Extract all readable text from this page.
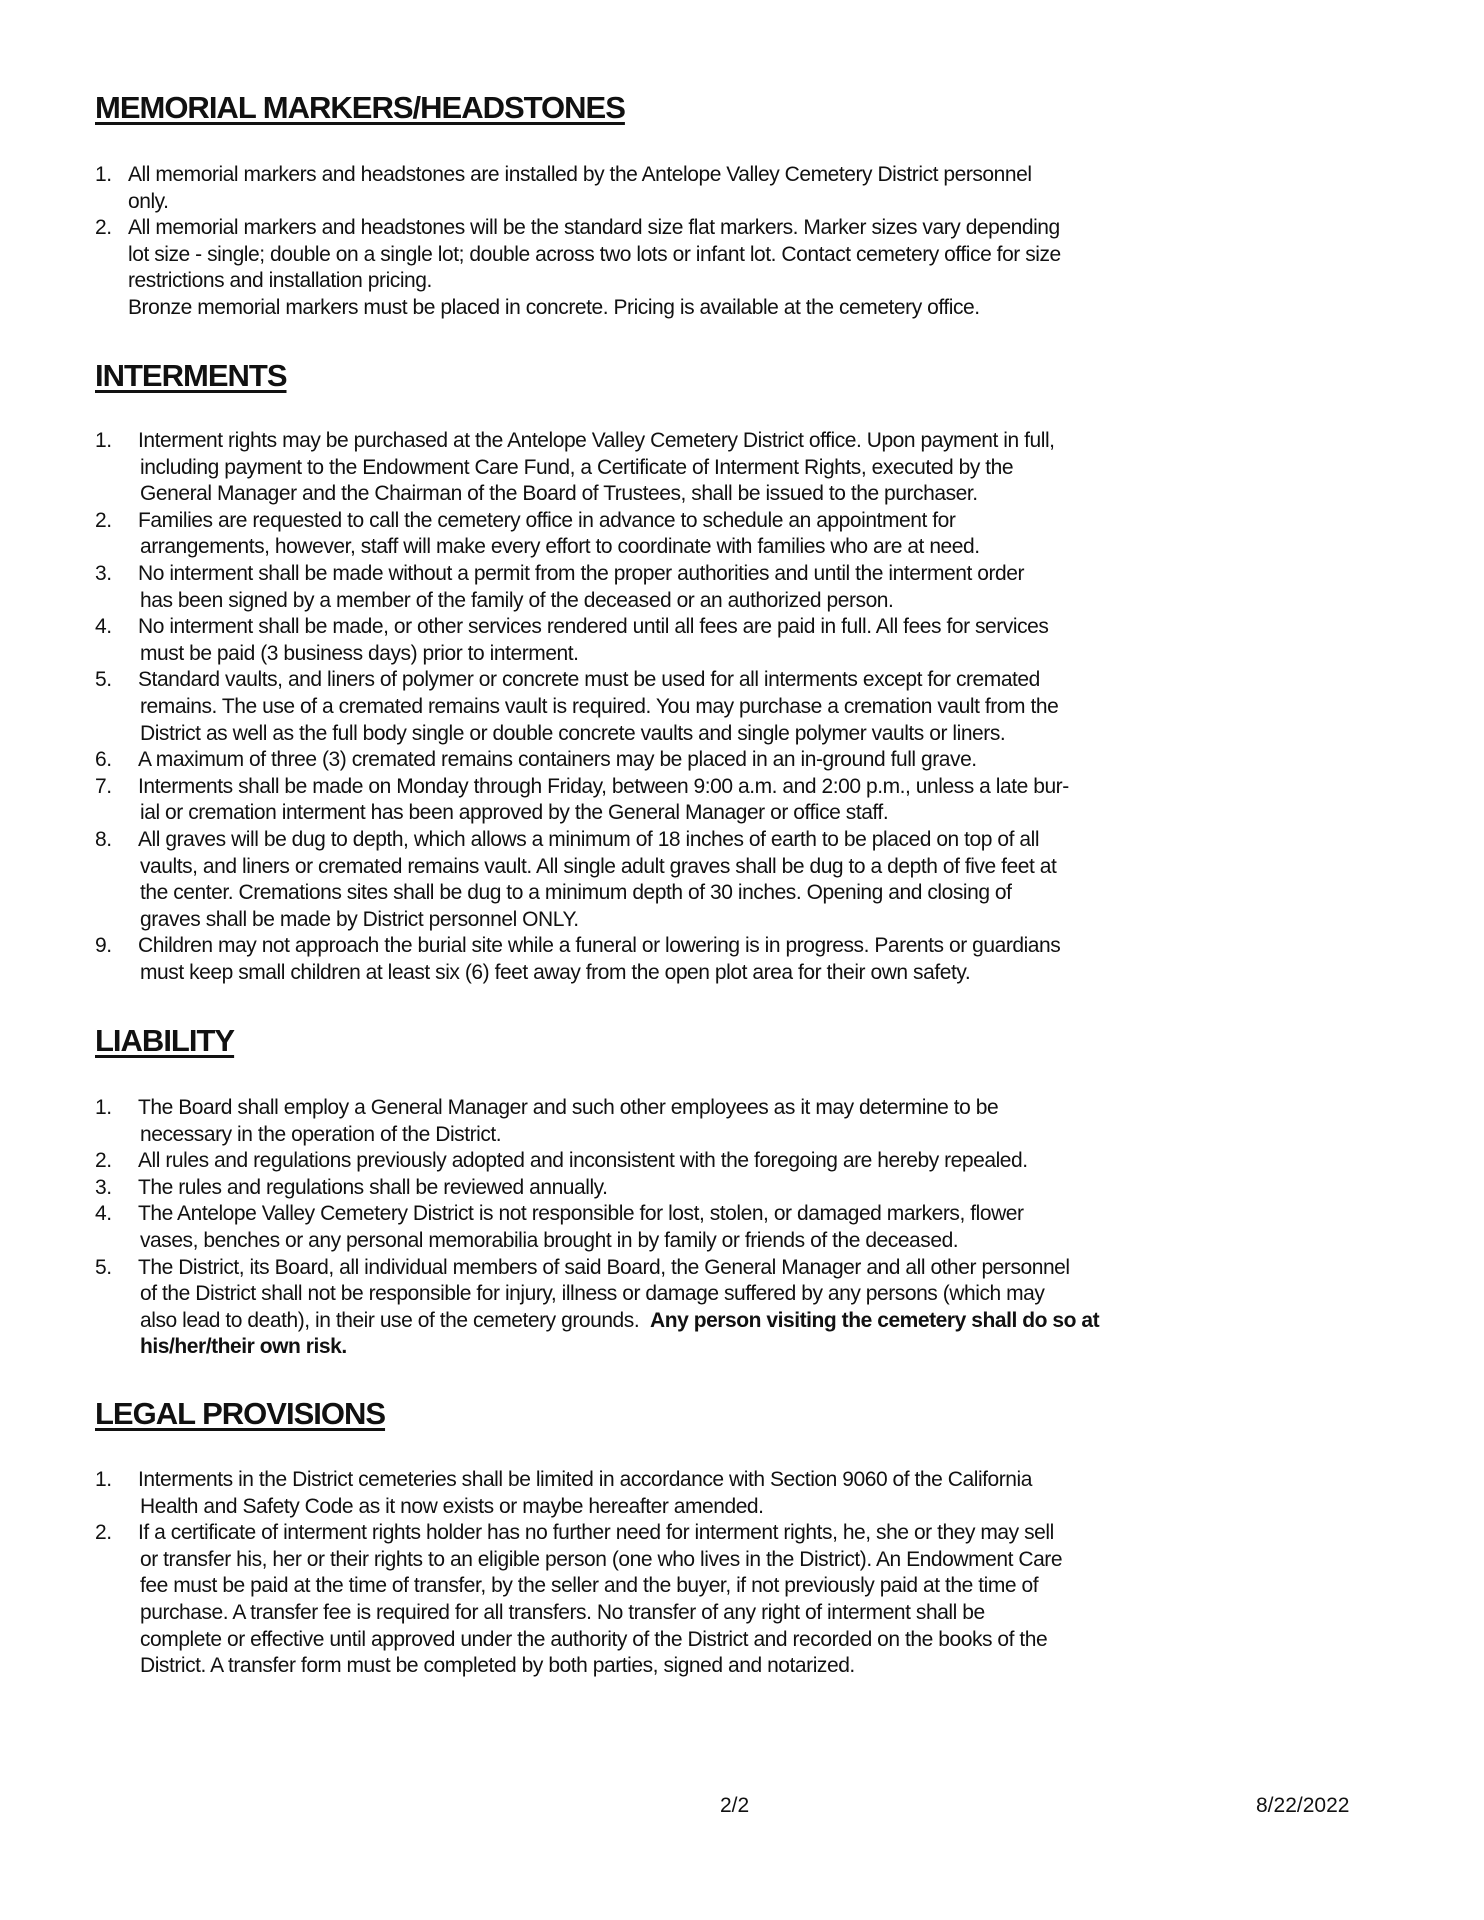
MEMORIAL MARKERS/HEADSTONES
1. All memorial markers and headstones are installed by the Antelope Valley Cemetery District personnel
only.
2. All memorial markers and headstones will be the standard size flat markers. Marker sizes vary depending
lot size - single; double on a single lot; double across two lots or infant lot. Contact cemetery office for size
restrictions and installation pricing.
Bronze memorial markers must be placed in concrete. Pricing is available at the cemetery office.
INTERMENTS
1. Interment rights may be purchased at the Antelope Valley Cemetery District office. Upon payment in full,
including payment to the Endowment Care Fund, a Certificate of Interment Rights, executed by the
General Manager and the Chairman of the Board of Trustees, shall be issued to the purchaser.
2. Families are requested to call the cemetery office in advance to schedule an appointment for
arrangements, however, staff will make every effort to coordinate with families who are at need.
3. No interment shall be made without a permit from the proper authorities and until the interment order
has been signed by a member of the family of the deceased or an authorized person.
4. No interment shall be made, or other services rendered until all fees are paid in full. All fees for services
must be paid (3 business days) prior to interment.
5. Standard vaults, and liners of polymer or concrete must be used for all interments except for cremated
remains. The use of a cremated remains vault is required. You may purchase a cremation vault from the
District as well as the full body single or double concrete vaults and single polymer vaults or liners.
6. A maximum of three (3) cremated remains containers may be placed in an in-ground full grave.
7. Interments shall be made on Monday through Friday, between 9:00 a.m. and 2:00 p.m., unless a late bur-
ial or cremation interment has been approved by the General Manager or office staff.
8. All graves will be dug to depth, which allows a minimum of 18 inches of earth to be placed on top of all
vaults, and liners or cremated remains vault. All single adult graves shall be dug to a depth of five feet at
the center. Cremations sites shall be dug to a minimum depth of 30 inches. Opening and closing of
graves shall be made by District personnel ONLY.
9. Children may not approach the burial site while a funeral or lowering is in progress. Parents or guardians
must keep small children at least six (6) feet away from the open plot area for their own safety.
LIABILITY
1. The Board shall employ a General Manager and such other employees as it may determine to be
necessary in the operation of the District.
2. All rules and regulations previously adopted and inconsistent with the foregoing are hereby repealed.
3. The rules and regulations shall be reviewed annually.
4. The Antelope Valley Cemetery District is not responsible for lost, stolen, or damaged markers, flower
vases, benches or any personal memorabilia brought in by family or friends of the deceased.
5. The District, its Board, all individual members of said Board, the General Manager and all other personnel
of the District shall not be responsible for injury, illness or damage suffered by any persons (which may
also lead to death), in their use of the cemetery grounds.  Any person visiting the cemetery shall do so at
his/her/their own risk.
LEGAL PROVISIONS
1. Interments in the District cemeteries shall be limited in accordance with Section 9060 of the California
Health and Safety Code as it now exists or maybe hereafter amended.
2. If a certificate of interment rights holder has no further need for interment rights, he, she or they may sell
or transfer his, her or their rights to an eligible person (one who lives in the District). An Endowment Care
fee must be paid at the time of transfer, by the seller and the buyer, if not previously paid at the time of
purchase. A transfer fee is required for all transfers. No transfer of any right of interment shall be
complete or effective until approved under the authority of the District and recorded on the books of the
District. A transfer form must be completed by both parties, signed and notarized.
2/2	8/22/2022
